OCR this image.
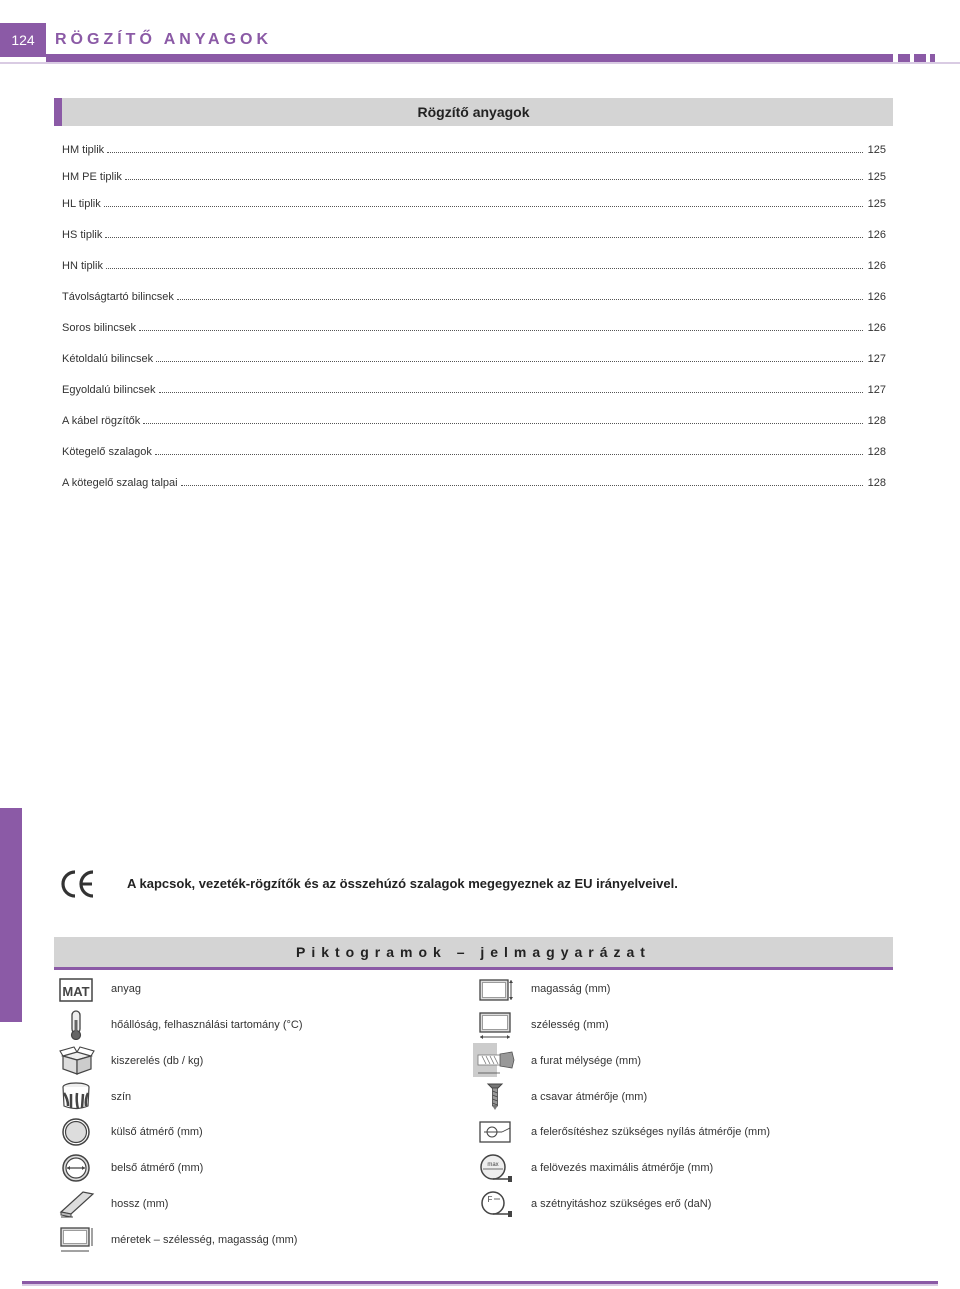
124	RÖGZÍTŐ ANYAGOK
Rögzítő anyagok
HM tiplik	125
HM PE tiplik	125
HL tiplik	125
HS tiplik	126
HN tiplik	126
Távolságtartó bilincsek	126
Soros bilincsek	126
Kétoldalú bilincsek	127
Egyoldalú bilincsek	127
A kábel rögzítők	128
Kötegelő szalagok	128
A kötegelő szalag talpai	128
A kapcsok, vezeték-rögzítők és az összehúzó szalagok megegyeznek az EU irányelveivel.
Piktogramok – jelmagyarázat
MAT anyag
hőállóság, felhasználási tartomány (°C)
kiszerelés (db / kg)
szín
külső átmérő (mm)
belső átmérő (mm)
hossz (mm)
méretek – szélesség, magasság (mm)
magasság (mm)
szélesség (mm)
a furat mélysége (mm)
a csavar átmérője (mm)
a felerősítéshez szükséges nyílás átmérője (mm)
max	a felövezés maximális átmérője (mm)
F	a szétnyitáshoz szükséges erő (daN)
